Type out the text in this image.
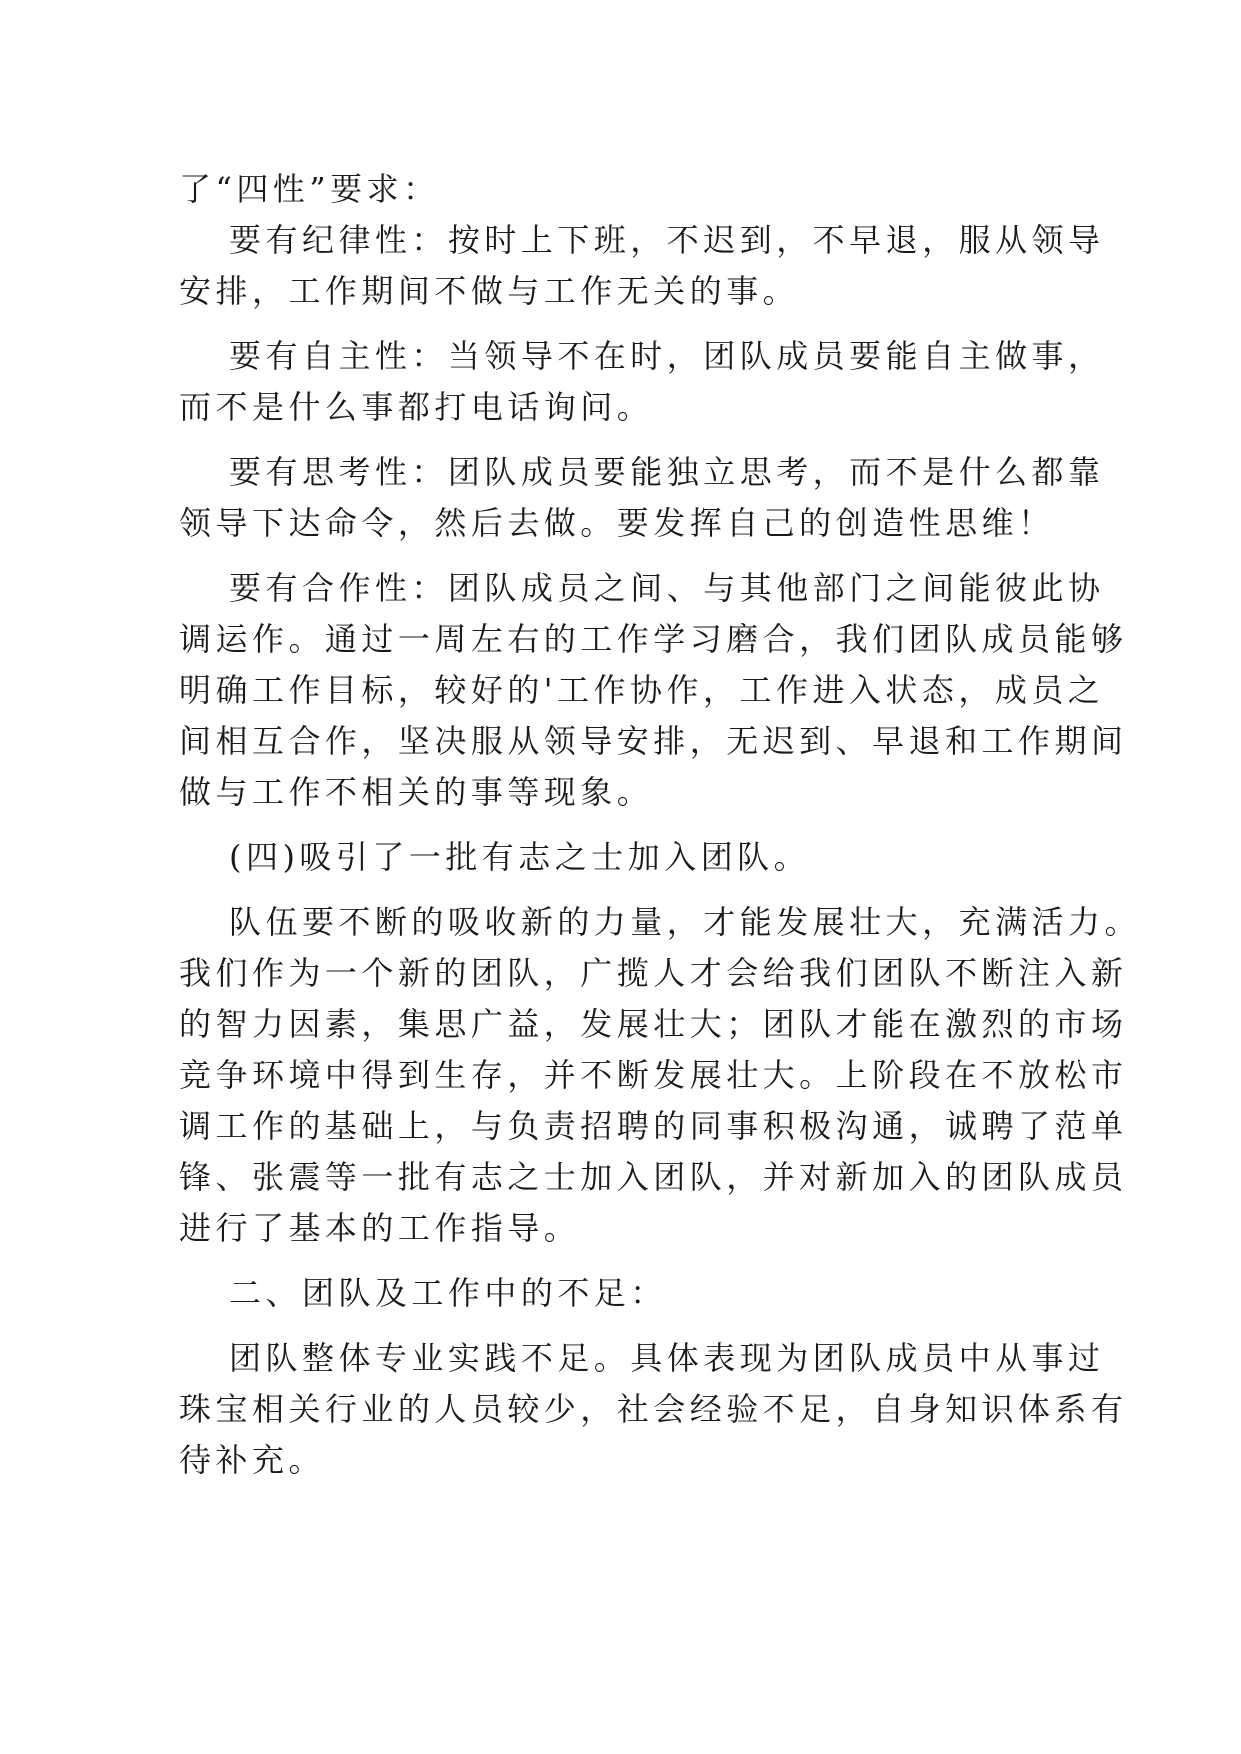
了“四性”要求：
要有纪律性：按时上下班，不迟到，不早退，服从领导
安排，工作期间不做与工作无关的事。
要有自主性：当领导不在时，团队成员要能自主做事，
而不是什么事都打电话询问。
要有思考性：团队成员要能独立思考，而不是什么都靠
领导下达命令，然后去做。要发挥自己的创造性思维！
要有合作性：团队成员之间、与其他部门之间能彼此协
调运作。通过一周左右的工作学习磨合，我们团队成员能够
明确工作目标，较好的'工作协作，工作进入状态，成员之
间相互合作，坚决服从领导安排，无迟到、早退和工作期间
做与工作不相关的事等现象。
(四)吸引了一批有志之士加入团队。
队伍要不断的吸收新的力量，才能发展壮大，充满活力。
我们作为一个新的团队，广揽人才会给我们团队不断注入新
的智力因素，集思广益，发展壮大；团队才能在激烈的市场
竞争环境中得到生存，并不断发展壮大。上阶段在不放松市
调工作的基础上，与负责招聘的同事积极沟通，诚聘了范单
锋、张震等一批有志之士加入团队，并对新加入的团队成员
进行了基本的工作指导。
二、团队及工作中的不足：
团队整体专业实践不足。具体表现为团队成员中从事过
珠宝相关行业的人员较少，社会经验不足，自身知识体系有
待补充。
